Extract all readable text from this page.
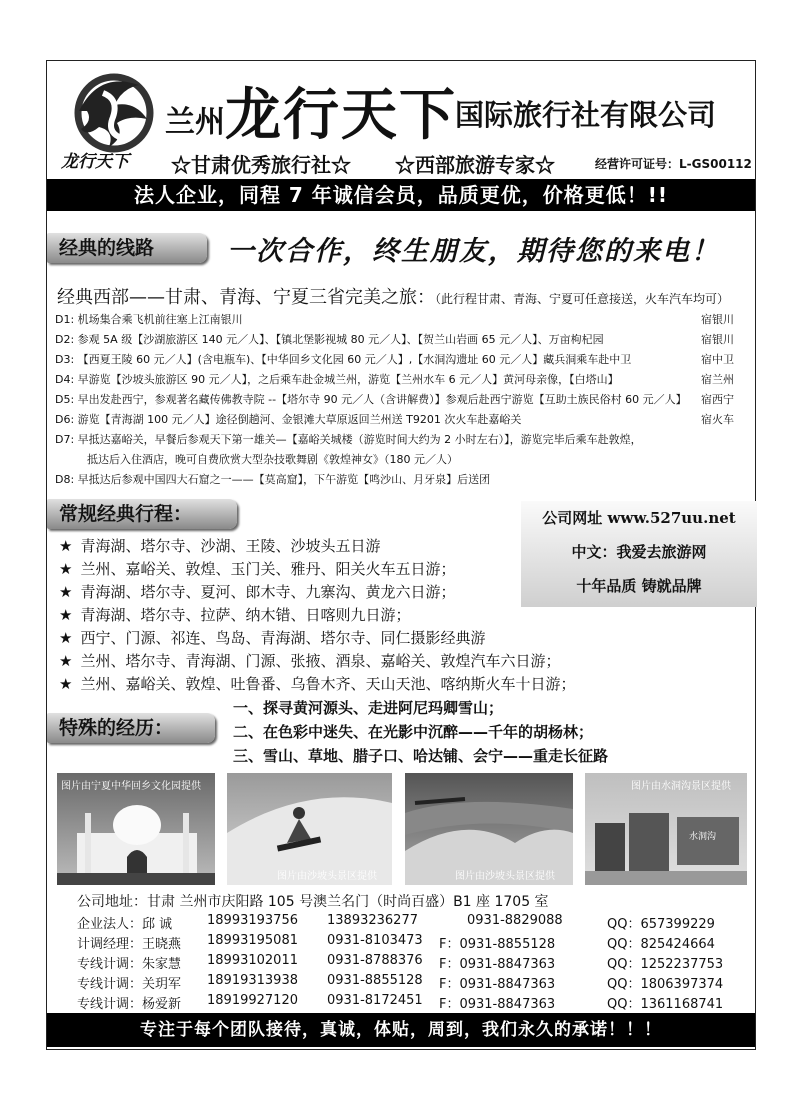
龙行天下
兰州 龙行天下
国际旅行社有限公司
☆甘肃优秀旅行社☆ ☆西部旅游专家☆	经营许可证号：L-GS00112
法人企业，同程 7 年诚信会员，品质更优，价格更低！!!
经典的线路	一次合作，终生朋友，期待您的来电！
经典西部——甘肃、青海、宁夏三省完美之旅：（此行程甘肃、青海、宁夏可任意接送，火车汽车均可）
D1: 机场集合乘飞机前往塞上江南银川	宿银川
D2: 参观 5A 级【沙湖旅游区 140 元／人】、【镇北堡影视城 80 元／人】、【贺兰山岩画 65 元／人】、万亩枸杞园	宿银川
D3: 【西夏王陵 60 元／人】(含电瓶车)、【中华回乡文化园 60 元／人】,【水洞沟遗址 60 元／人】藏兵洞乘车赴中卫	宿中卫
D4: 早游览【沙坡头旅游区 90 元／人】，之后乘车赴金城兰州，游览【兰州水车 6 元／人】黄河母亲像，【白塔山】	宿兰州
D5: 早出发赴西宁，参观著名藏传佛教寺院 --【塔尔寺 90 元／人（含讲解费）】参观后赴西宁游览【互助土族民俗村 60 元／人】 宿西宁
D6: 游览【青海湖 100 元／人】途径倒趟河、金银滩大草原返回兰州送 T9201 次火车赴嘉峪关	宿火车
D7: 早抵达嘉峪关，早餐后参观天下第一雄关—【嘉峪关城楼（游览时间大约为 2 小时左右）】，游览完毕后乘车赴敦煌，
抵达后入住酒店，晚可自费欣赏大型杂技歌舞剧《敦煌神女》（180 元／人）
D8: 早抵达后参观中国四大石窟之一——【莫高窟】，下午游览【鸣沙山、月牙泉】后送团
常规经典行程：
★ 青海湖、塔尔寺、沙湖、王陵、沙坡头五日游
★ 兰州、嘉峪关、敦煌、玉门关、雅丹、阳关火车五日游；
★ 青海湖、塔尔寺、夏河、郎木寺、九寨沟、黄龙六日游；
★ 青海湖、塔尔寺、拉萨、纳木错、日喀则九日游；
★ 西宁、门源、祁连、鸟岛、青海湖、塔尔寺、同仁摄影经典游
★ 兰州、塔尔寺、青海湖、门源、张掖、酒泉、嘉峪关、敦煌汽车六日游；
★ 兰州、嘉峪关、敦煌、吐鲁番、乌鲁木齐、天山天池、喀纳斯火车十日游；
公司网址 www.527uu.net
中文：我爱去旅游网
十年品质 铸就品牌
特殊的经历：
一、探寻黄河源头、走进阿尼玛卿雪山；
二、在色彩中迷失、在光影中沉醉——千年的胡杨林；
三、雪山、草地、腊子口、哈达铺、会宁——重走长征路
图片由宁夏中华回乡文化园提供
图片由沙坡头景区提供	图片由沙坡头景区提供
图片由水洞沟景区提供
水洞沟
公司地址：甘肃 兰州市庆阳路 105 号澳兰名门（时尚百盛）B1 座 1705 室
企业法人：邱 诚	18993193756 13893236277	0931-8829088	QQ：657399229
计调经理：王晓燕 18993195081 0931-8103473 F：0931-8855128	QQ：825424664
专线计调：朱家慧 18993102011 0931-8788376 F：0931-8847363	QQ：1252237753
专线计调：关玥军 18919313938 0931-8855128 F：0931-8847363	QQ：1806397374
专线计调：杨爱新 18919927120 0931-8172451 F：0931-8847363	QQ：1361168741
专注于每个团队接待，真诚，体贴，周到，我们永久的承诺！！！
